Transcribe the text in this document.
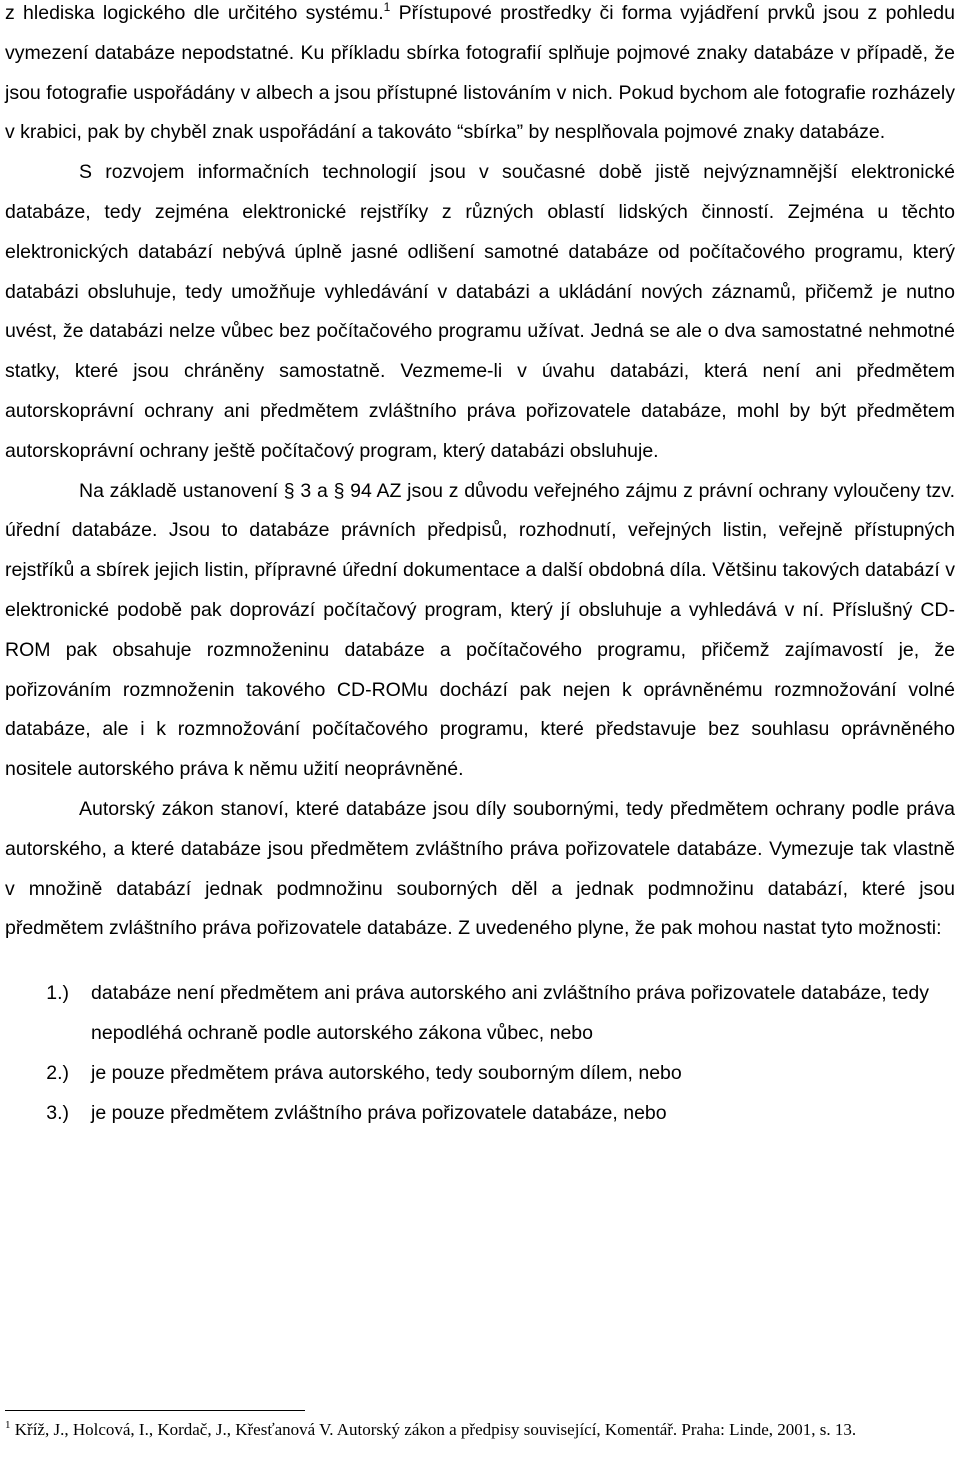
z hlediska logického dle určitého systému.$^1$ Přístupové prostředky či forma vyjádření prvků jsou z pohledu vymezení databáze nepodstatné. Ku příkladu sbírka fotografií splňuje pojmové znaky databáze v případě, že jsou fotografie uspořádány v albech a jsou přístupné listováním v nich. Pokud bychom ale fotografie rozházely v krabici, pak by chyběl znak uspořádání a takováto “sbírka” by nesplňovala pojmové znaky databáze.

S rozvojem informačních technologií jsou v současné době jistě nejvýznamnější elektronické databáze, tedy zejména elektronické rejstříky z různých oblastí lidských činností. Zejména u těchto elektronických databází nebývá úplně jasné odlišení samotné databáze od počítačového programu, který databázi obsluhuje, tedy umožňuje vyhledávání v databázi a ukládání nových záznamů, přičemž je nutno uvést, že databázi nelze vůbec bez počítačového programu užívat. Jedná se ale o dva samostatné nehmotné statky, které jsou chráněny samostatně. Vezmeme-li v úvahu databázi, která není ani předmětem autorskoprávní ochrany ani předmětem zvláštního práva pořizovatele databáze, mohl by být předmětem autorskoprávní ochrany ještě počítačový program, který databázi obsluhuje.

Na základě ustanovení § 3 a § 94 AZ jsou z důvodu veřejného zájmu z právní ochrany vyloučeny tzv. úřední databáze. Jsou to databáze právních předpisů, rozhodnutí, veřejných listin, veřejně přístupných rejstříků a sbírek jejich listin, přípravné úřední dokumentace a další obdobná díla. Většinu takových databází v elektronické podobě pak doprovází počítačový program, který jí obsluhuje a vyhledává v ní. Příslušný CD-ROM pak obsahuje rozmnoženinu databáze a počítačového programu, přičemž zajímavostí je, že pořizováním rozmnoženin takového CD-ROMu dochází pak nejen k oprávněnému rozmnožování volné databáze, ale i k rozmnožování počítačového programu, které představuje bez souhlasu oprávněného nositele autorského práva k němu užití neoprávněné.

Autorský zákon stanoví, které databáze jsou díly soubornými, tedy předmětem ochrany podle práva autorského, a které databáze jsou předmětem zvláštního práva pořizovatele databáze. Vymezuje tak vlastně v množině databází jednak podmnožinu souborných děl a jednak podmnožinu databází, které jsou předmětem zvláštního práva pořizovatele databáze. Z uvedeného plyne, že pak mohou nastat tyto možnosti:

1.)	databáze není předmětem ani práva autorského ani zvláštního práva pořizovatele databáze, tedy nepodléhá ochraně podle autorského zákona vůbec, nebo
2.)	je pouze předmětem práva autorského, tedy souborným dílem, nebo
3.)	je pouze předmětem zvláštního práva pořizovatele databáze, nebo
$^1$ Kříž, J., Holcová, I., Kordač, J., Křesťanová V. Autorský zákon a předpisy související, Komentář. Praha: Linde, 2001, s. 13.
